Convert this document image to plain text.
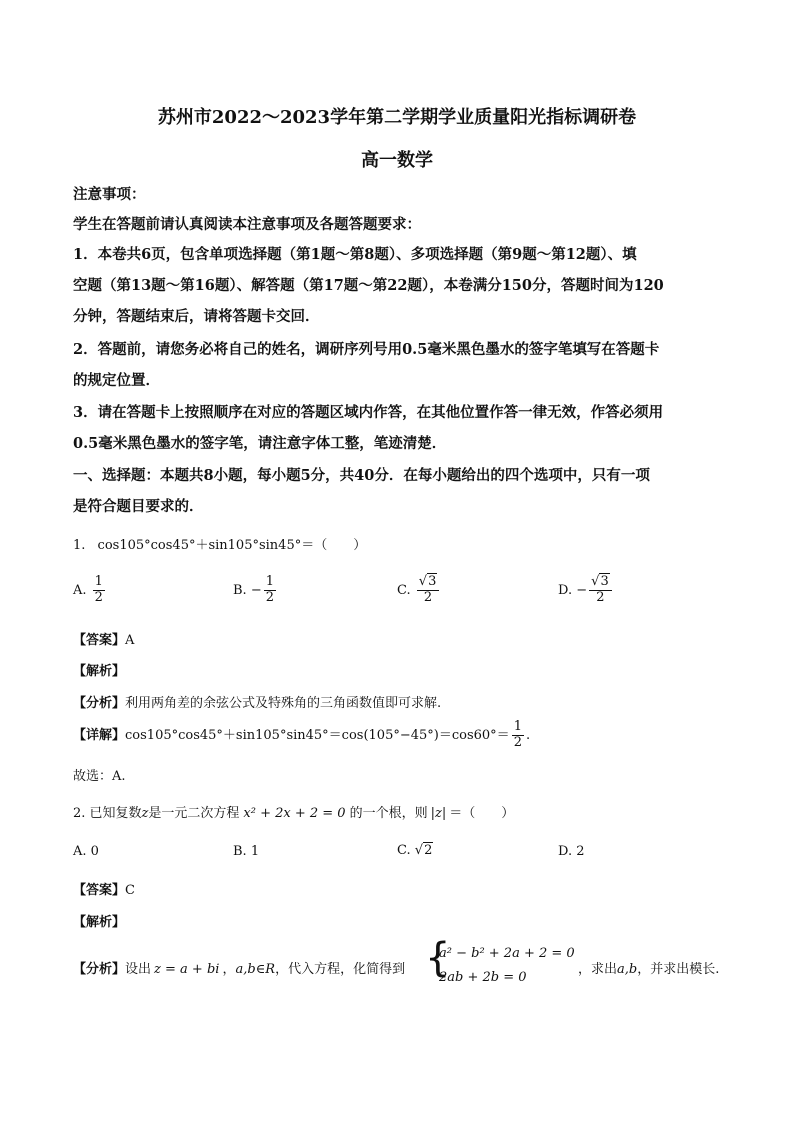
苏州市2022～2023学年第二学期学业质量阳光指标调研卷
高一数学
注意事项：
学生在答题前请认真阅读本注意事项及各题答题要求：
1．本卷共6页，包含单项选择题（第1题～第8题）、多项选择题（第9题～第12题）、填
空题（第13题～第16题）、解答题（第17题～第22题），本卷满分150分，答题时间为120
分钟，答题结束后，请将答题卡交回．
2．答题前，请您务必将自己的姓名，调研序列号用0.5毫米黑色墨水的签字笔填写在答题卡
的规定位置．
3．请在答题卡上按照顺序在对应的答题区域内作答，在其他位置作答一律无效，作答必须用
0.5毫米黑色墨水的签字笔，请注意字体工整，笔迹清楚．
一、选择题：本题共8小题，每小题5分，共40分．在每小题给出的四个选项中，只有一项
是符合题目要求的．
1. cos105°cos45°＋sin105°sin45°＝（　　）
A. $\frac{1}{2}$	B. − $\frac{1}{2}$	C. $\frac{√3}{2}$	D. − $\frac{√3}{2}$
【答案】A
【解析】
【分析】利用两角差的余弦公式及特殊角的三角函数值即可求解.
【详解】$\cos 105^\circ\cos 45^\circ+\sin 105^\circ\sin 45^\circ=\cos(105^\circ-45^\circ)=\cos 60^\circ= \frac{1}{2}$ .
故选：A.
2. 已知复数z是一元二次方程 x² + 2x + 2 = 0 的一个根，则 |z| ＝（　　）
A. 0	B. 1	C. √2	D. 2
【答案】C
【解析】
【分析】设出 z = a + bi ，a,b∈R，代入方程，化简得到 {
a² − b² + 2a + 2 = 0
2ab + 2b = 0
，求出a,b，并求出模长.
